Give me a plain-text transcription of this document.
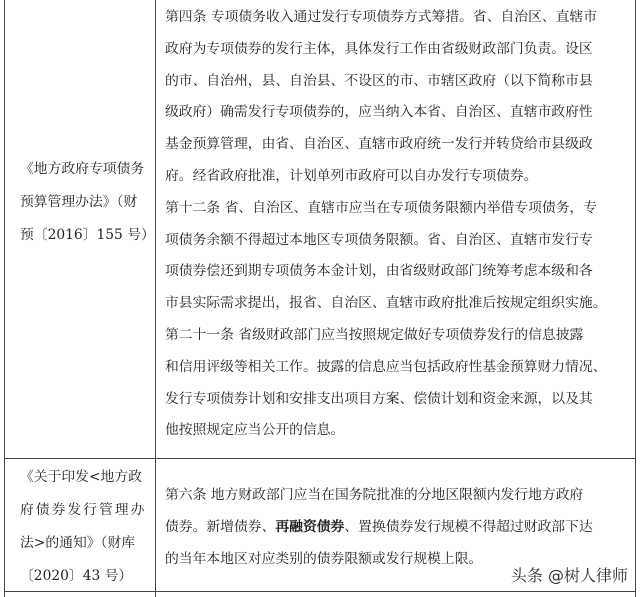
《地方政府专项债务
预算管理办法》（财
预〔2016〕155 号）
第四条 专项债务收入通过发行专项债券方式筹措。省、自治区、直辖市
政府为专项债券的发行主体，具体发行工作由省级财政部门负责。设区
的市、自治州，县、自治县、不设区的市、市辖区政府（以下简称市县
级政府）确需发行专项债券的，应当纳入本省、自治区、直辖市政府性
基金预算管理，由省、自治区、直辖市政府统一发行并转贷给市县级政
府。经省政府批准，计划单列市政府可以自办发行专项债券。
第十二条 省、自治区、直辖市应当在专项债务限额内举借专项债务，专
项债务余额不得超过本地区专项债务限额。省、自治区、直辖市发行专
项债券偿还到期专项债务本金计划，由省级财政部门统筹考虑本级和各
市县实际需求提出，报省、自治区、直辖市政府批准后按规定组织实施。
第二十一条 省级财政部门应当按照规定做好专项债券发行的信息披露
和信用评级等相关工作。披露的信息应当包括政府性基金预算财力情况、
发行专项债券计划和安排支出项目方案、偿债计划和资金来源，以及其
他按照规定应当公开的信息。
《关于印发<地方政
府债券发行管理办
法>的通知》（财库
〔2020〕43 号）
第六条 地方财政部门应当在国务院批准的分地区限额内发行地方政府
债券。新增债券、再融资债券、置换债券发行规模不得超过财政部下达
的当年本地区对应类别的债券限额或发行规模上限。
头条 @树人律师
